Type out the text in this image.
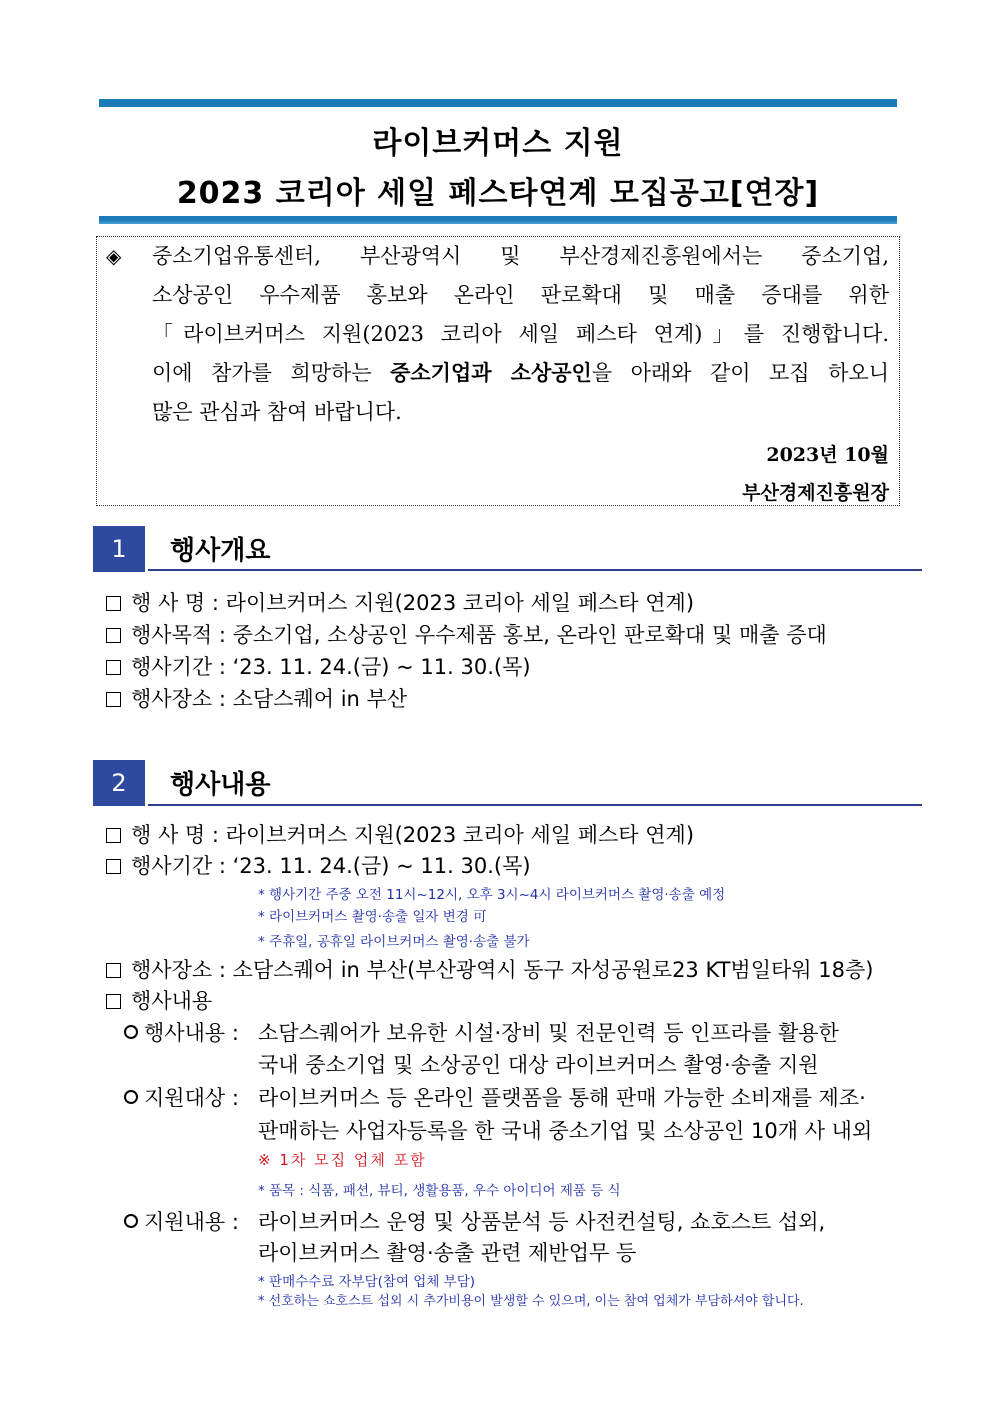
라이브커머스 지원
2023 코리아 세일 페스타연계 모집공고[연장]
◈ 중소기업유통센터, 부산광역시 및 부산경제진흥원에서는 중소기업,
소상공인 우수제품 홍보와 온라인 판로확대 및 매출 증대를 위한
「라이브커머스 지원(2023 코리아 세일 페스타 연계)」를 진행합니다.
이에 참가를 희망하는 중소기업과 소상공인을 아래와 같이 모집 하오니
많은 관심과 참여 바랍니다.
2023년 10월
부산경제진흥원장
1	행사개요
행 사 명 : 라이브커머스 지원(2023 코리아 세일 페스타 연계)
행사목적 : 중소기업, 소상공인 우수제품 홍보, 온라인 판로확대 및 매출 증대
행사기간 : ‘23. 11. 24.(금) ~ 11. 30.(목)
행사장소 : 소담스퀘어 in 부산
2	행사내용
행 사 명 : 라이브커머스 지원(2023 코리아 세일 페스타 연계)
행사기간 : ‘23. 11. 24.(금) ~ 11. 30.(목)
* 행사기간 주중 오전 11시~12시, 오후 3시~4시 라이브커머스 촬영·송출 예정
* 라이브커머스 촬영·송출 일자 변경 可
* 주휴일, 공휴일 라이브커머스 촬영·송출 불가
행사장소 : 소담스퀘어 in 부산(부산광역시 동구 자성공원로23 KT범일타워 18층)
행사내용
행사내용 : 소담스퀘어가 보유한 시설·장비 및 전문인력 등 인프라를 활용한
국내 중소기업 및 소상공인 대상 라이브커머스 촬영·송출 지원
지원대상 : 라이브커머스 등 온라인 플랫폼을 통해 판매 가능한 소비재를 제조·
판매하는 사업자등록을 한 국내 중소기업 및 소상공인 10개 사 내외
※ 1차 모집 업체 포함
* 품목 : 식품, 패션, 뷰티, 생활용품, 우수 아이디어 제품 등 식
지원내용 : 라이브커머스 운영 및 상품분석 등 사전컨설팅, 쇼호스트 섭외,
라이브커머스 촬영·송출 관련 제반업무 등
* 판매수수료 자부담(참여 업체 부담)
* 선호하는 쇼호스트 섭외 시 추가비용이 발생할 수 있으며, 이는 참여 업체가 부담하셔야 합니다.
